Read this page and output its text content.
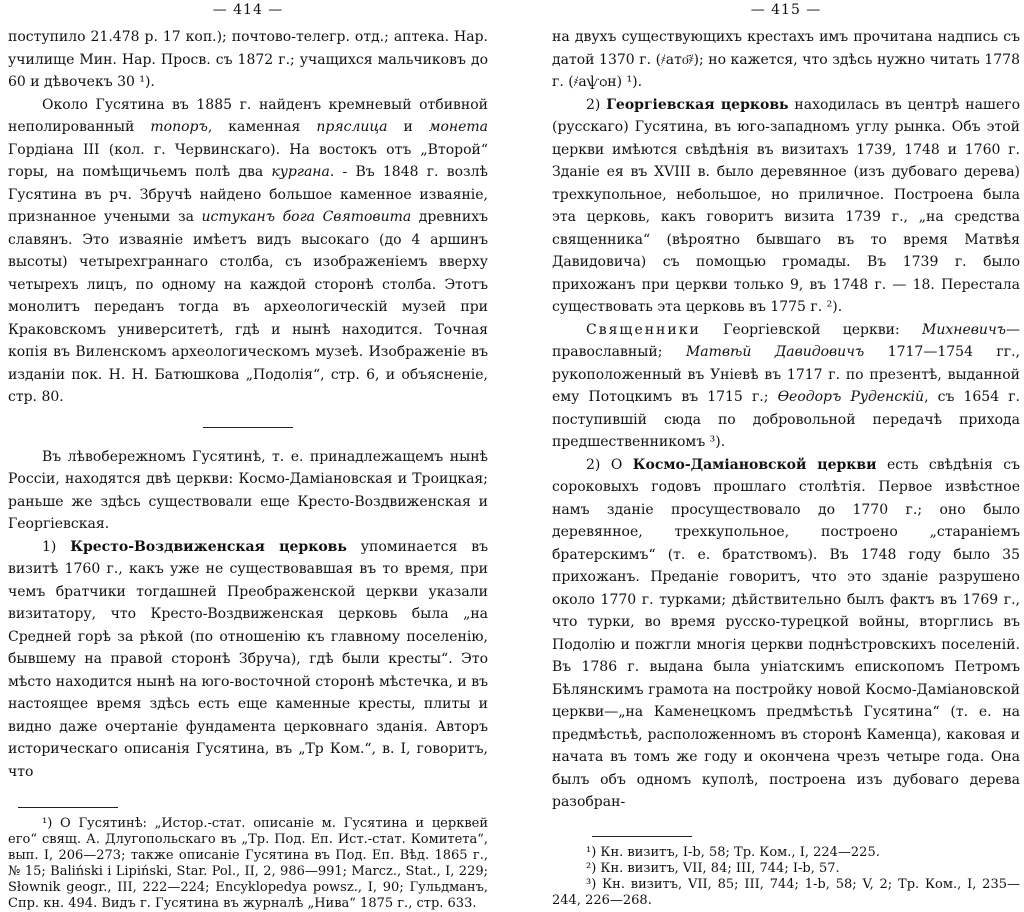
— 414 —

поступило 21.478 р. 17 коп.); почтово-телегр. отд.; аптека. Нар. училище Мин. Нар. Просв. съ 1872 г.; учащихся мальчиковъ до 60 и дѣвочекъ 30 ¹).

Около Гусятина въ 1885 г. найденъ кремневый отбивной неполированный топоръ, каменная пряслица и монета Гордіана III (кол. г. Червинскаго). На востокъ отъ „Второй“ горы, на помѣщичьемъ полѣ два кургана. - Въ 1848 г. возлѣ Гусятина въ рч. Збручѣ найдено большое каменное изваяніе, признанное учеными за истуканъ бога Святовита древнихъ славянъ. Это изваяніе имѣетъ видъ высокаго (до 4 аршинъ высоты) четырехграннаго столба, съ изображеніемъ вверху четырехъ лицъ, по одному на каждой сторонѣ столба. Этотъ монолитъ переданъ тогда въ археологическій музей при Краковскомъ университетѣ, гдѣ и нынѣ находится. Точная копія въ Виленскомъ археологическомъ музеѣ. Изображеніе въ изданіи пок. Н. Н. Батюшкова „Подолія“, стр. 6, и объясненіе, стр. 80.

Въ лѣвобережномъ Гусятинѣ, т. е. принадлежащемъ нынѣ Россіи, находятся двѣ церкви: Космо-Даміановская и Троицкая; раньше же здѣсь существовали еще Кресто-Воздвиженская и Георгіевская.

1) Кресто-Воздвиженская церковь упоминается въ визитѣ 1760 г., какъ уже не существовавшая въ то время, при чемъ братчики тогдашней Преображенской церкви указали визитатору, что Кресто-Воздвиженская церковь была „на Средней горѣ за рѣкой (по отношенію къ главному поселенію, бывшему на правой сторонѣ Збруча), гдѣ были кресты“. Это мѣсто находится нынѣ на юго-восточной сторонѣ мѣстечка, и въ настоящее время здѣсь есть еще каменные кресты, плиты и видно даже очертаніе фундамента церковнаго зданія. Авторъ историческаго описанія Гусятина, въ „Тр Ком.“, в. I, говоритъ, что

¹) О Гусятинѣ: „Истор.-стат. описаніе м. Гусятина и церквей его“ свящ. А. Длугопольскаго въ „Тр. Под. Еп. Ист.-стат. Комитета“, вып. I, 206—273; также описаніе Гусятина въ Под. Еп. Вѣд. 1865 г., № 15; Baliński i Lipiński, Star. Pol., II, 2, 986—991; Marcz., Stat., I, 229; Słownik geogr., III, 222—224; Encyklopedya powsz., I, 90; Гульдманъ, Спр. кн. 494. Видъ г. Гусятина въ журналѣ „Нива“ 1875 г., стр. 633.

— 415 —

на двухъ существующихъ крестахъ имъ прочитана надпись съ датой 1370 г. (҂ато҃҂); но кажется, что здѣсь нужно читать 1778 г. (҂аѱѻн) ¹).

2) Георгіевская церковь находилась въ центрѣ нашего (русскаго) Гусятина, въ юго-западномъ углу рынка. Объ этой церкви имѣются свѣдѣнія въ визитахъ 1739, 1748 и 1760 г. Зданіе ея въ XVIII в. было деревянное (изъ дубоваго дерева) трехкупольное, небольшое, но приличное. Построена была эта церковь, какъ говоритъ визита 1739 г., „на средства священника“ (вѣроятно бывшаго въ то время Матвѣя Давидовича) съ помощью громады. Въ 1739 г. было прихожанъ при церкви только 9, въ 1748 г. — 18. Перестала существовать эта церковь въ 1775 г. ²).

Священники Георгіевской церкви: Михневичъ—православный; Матвѣй Давидовичъ 1717—1754 гг., рукоположенный въ Уніевѣ въ 1717 г. по презентѣ, выданной ему Потоцкимъ въ 1715 г.; Ѳеодоръ Руденскій, съ 1654 г. поступившій сюда по добровольной передачѣ прихода предшественникомъ ³).

2) О Космо-Даміановской церкви есть свѣдѣнія съ сороковыхъ годовъ прошлаго столѣтія. Первое извѣстное намъ зданіе просуществовало до 1770 г.; оно было деревянное, трехкупольное, построено „стараніемъ братерскимъ“ (т. е. братствомъ). Въ 1748 году было 35 прихожанъ. Преданіе говоритъ, что это зданіе разрушено около 1770 г. турками; дѣйствительно былъ фактъ въ 1769 г., что турки, во время русско-турецкой войны, вторглись въ Подолію и пожгли многія церкви поднѣстровскихъ поселеній. Въ 1786 г. выдана была уніатскимъ епископомъ Петромъ Бѣлянскимъ грамота на постройку новой Космо-Даміановской церкви—„на Каменецкомъ предмѣстьѣ Гусятина“ (т. е. на предмѣстьѣ, расположенномъ въ сторонѣ Каменца), каковая и начата въ томъ же году и окончена чрезъ четыре года. Она былъ объ одномъ куполѣ, построена изъ дубоваго дерева разобран-

¹) Кн. визитъ, I-b, 58; Тр. Ком., I, 224—225.

²) Кн. визитъ, VII, 84; III, 744; I-b, 57.

³) Кн. визитъ, VII, 85; III, 744; 1-b, 58; V, 2; Тр. Ком., I, 235—244, 226—268.
